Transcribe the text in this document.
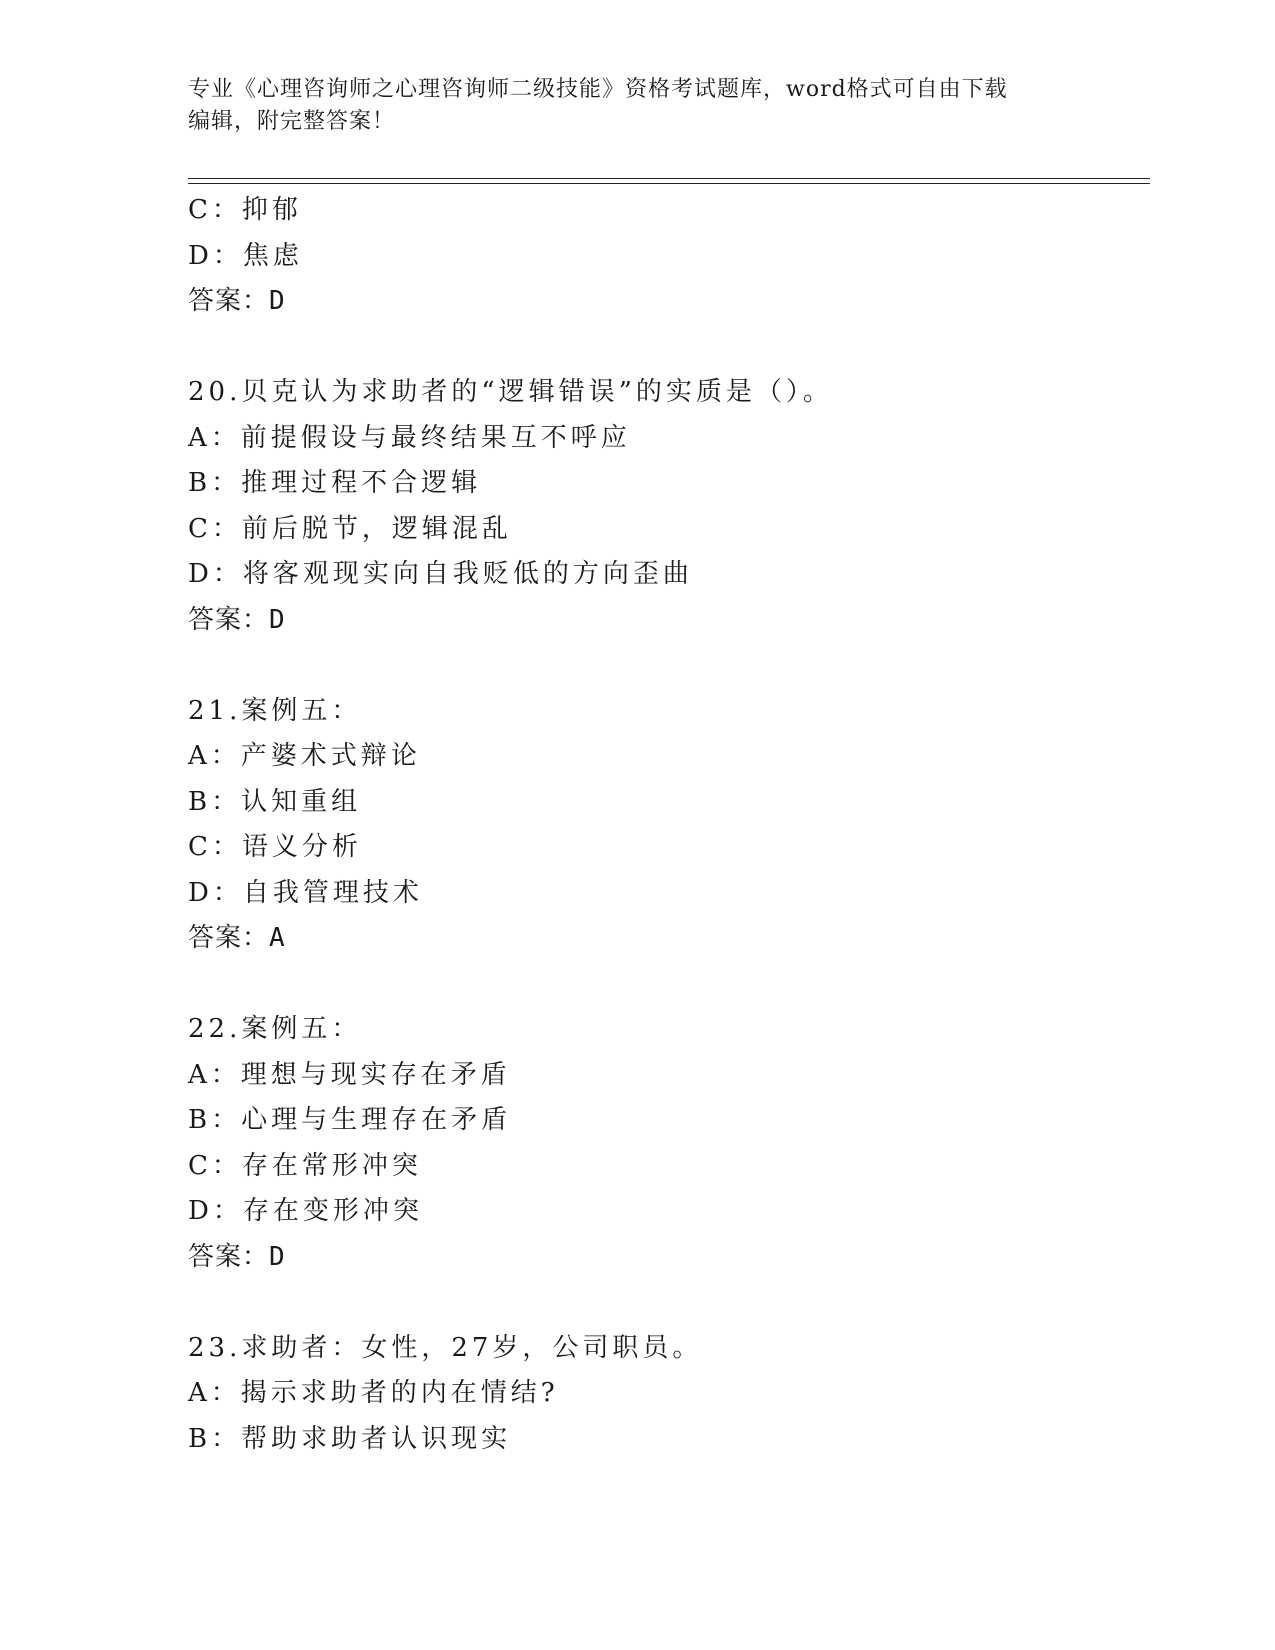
专业《心理咨询师之心理咨询师二级技能》资格考试题库，word格式可自由下载
编辑，附完整答案！
C：抑郁
D：焦虑
答案：D
20.贝克认为求助者的“逻辑错误”的实质是（）。
A：前提假设与最终结果互不呼应
B：推理过程不合逻辑
C：前后脱节，逻辑混乱
D：将客观现实向自我贬低的方向歪曲
答案：D
21.案例五：
A：产婆术式辩论
B：认知重组
C：语义分析
D：自我管理技术
答案：A
22.案例五：
A：理想与现实存在矛盾
B：心理与生理存在矛盾
C：存在常形冲突
D：存在变形冲突
答案：D
23.求助者：女性，27岁，公司职员。
A：揭示求助者的内在情结?
B：帮助求助者认识现实
